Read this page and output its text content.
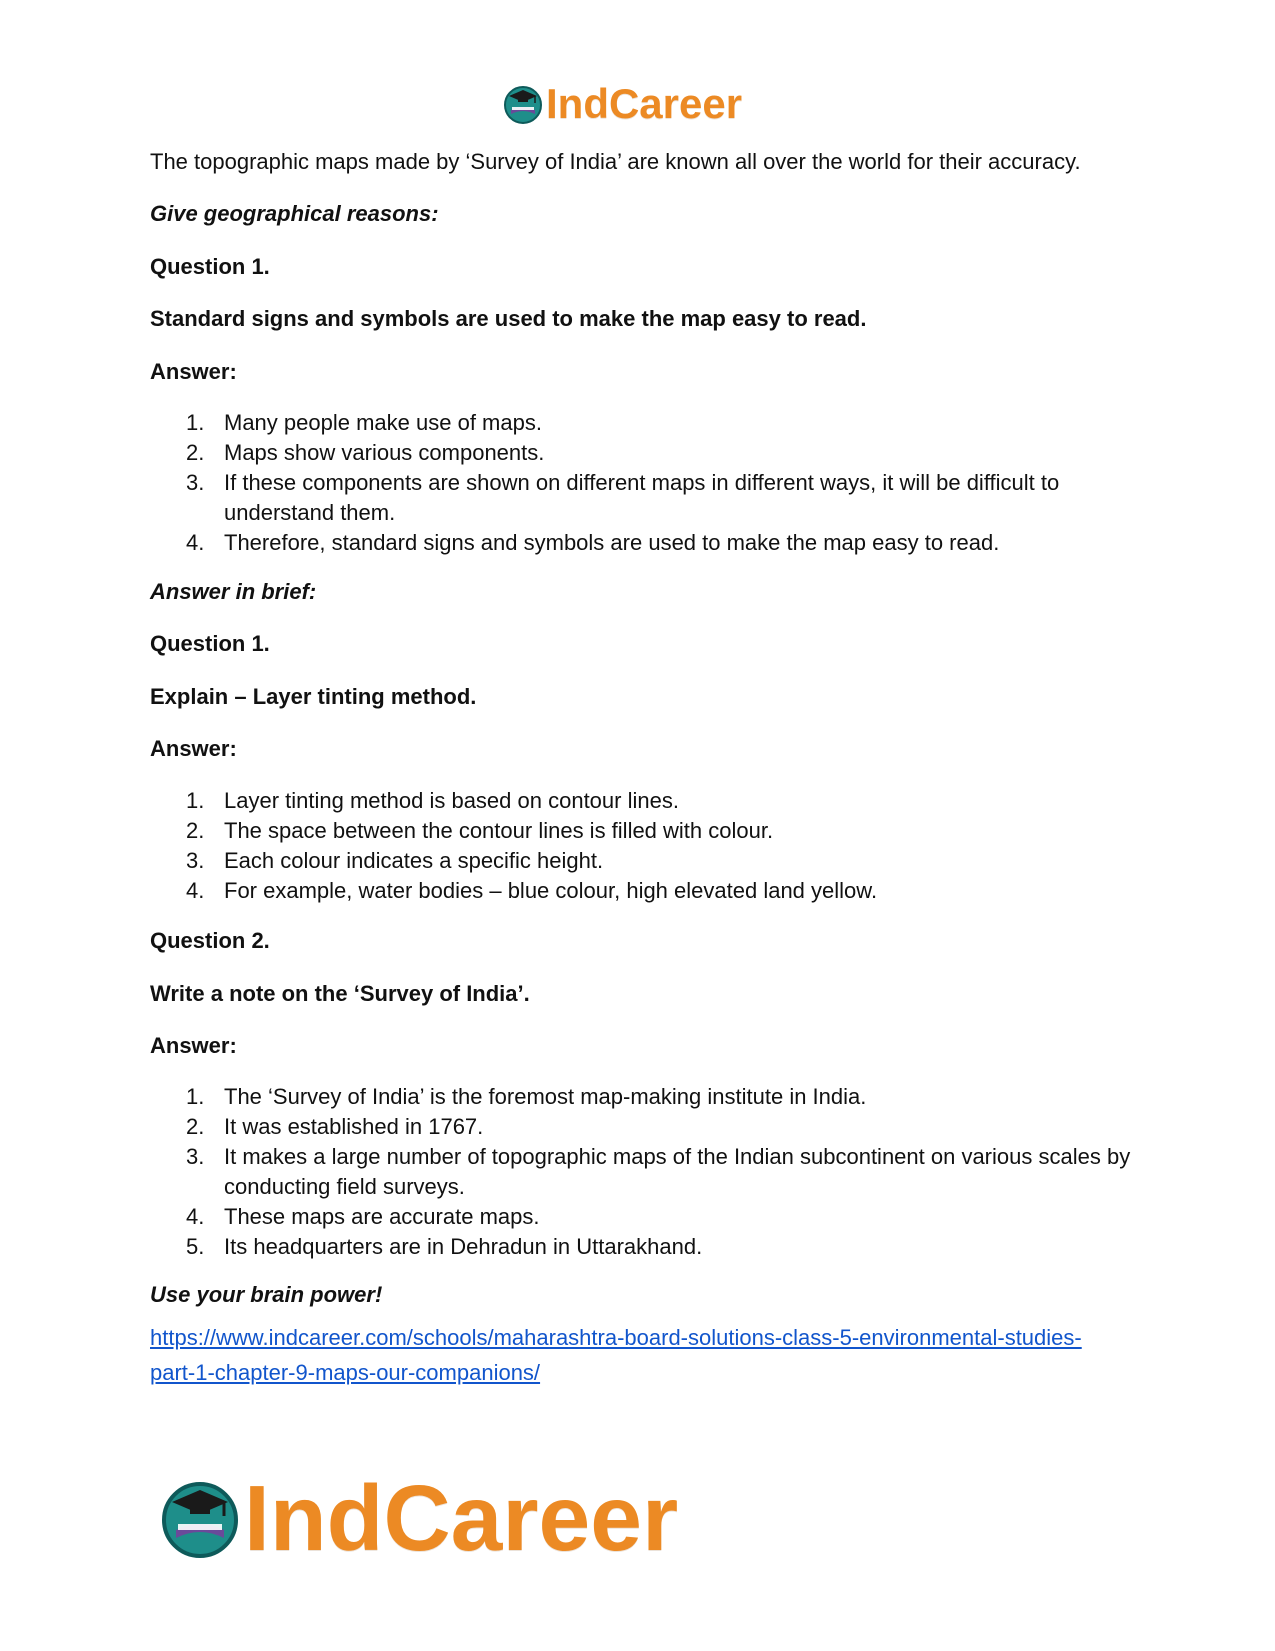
IndCareer
The topographic maps made by ‘Survey of India’ are known all over the world for their accuracy.
Give geographical reasons:
Question 1.
Standard signs and symbols are used to make the map easy to read.
Answer:
1. Many people make use of maps.
2. Maps show various components.
3. If these components are shown on different maps in different ways, it will be difficult to understand them.
4. Therefore, standard signs and symbols are used to make the map easy to read.
Answer in brief:
Question 1.
Explain – Layer tinting method.
Answer:
1. Layer tinting method is based on contour lines.
2. The space between the contour lines is filled with colour.
3. Each colour indicates a specific height.
4. For example, water bodies – blue colour, high elevated land yellow.
Question 2.
Write a note on the ‘Survey of India’.
Answer:
1. The ‘Survey of India’ is the foremost map-making institute in India.
2. It was established in 1767.
3. It makes a large number of topographic maps of the Indian subcontinent on various scales by conducting field surveys.
4. These maps are accurate maps.
5. Its headquarters are in Dehradun in Uttarakhand.
Use your brain power!
https://www.indcareer.com/schools/maharashtra-board-solutions-class-5-environmental-studies-
part-1-chapter-9-maps-our-companions/
IndCareer
